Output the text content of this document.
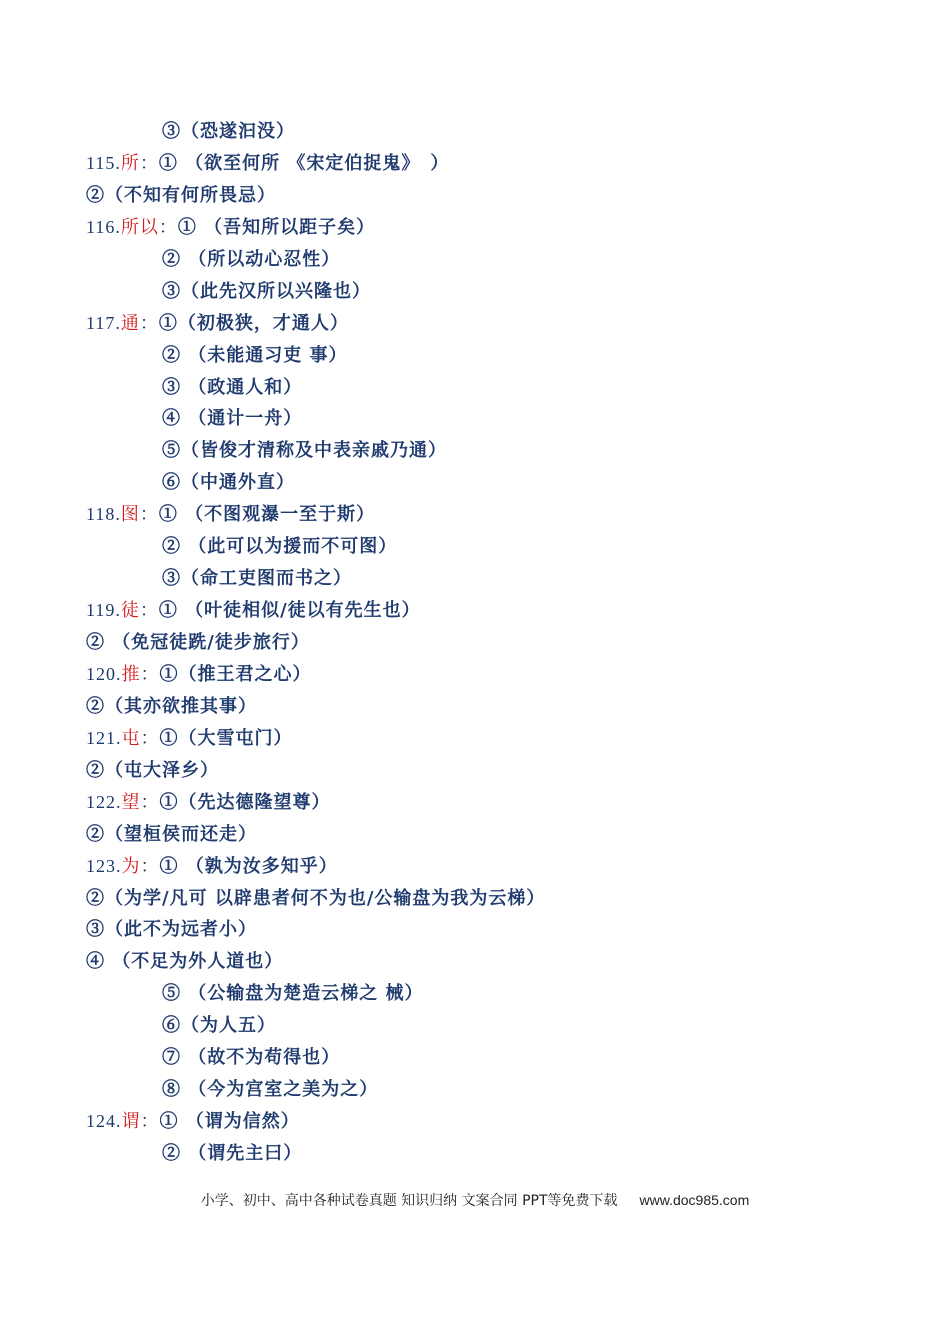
③（恐遂汩没）
115.所：① （欲至何所 《宋定伯捉鬼》　）
②（不知有何所畏忌）
116.所以：① （吾知所以距子矣）
② （所以动心忍性）
③（此先汉所以兴隆也）
117.通：①（初极狭，才通人）
② （未能通习吏 事）
③ （政通人和）
④ （通计一舟）
⑤（皆俊才清称及中表亲戚乃通）
⑥（中通外直）
118.图：① （不图观瀑一至于斯）
② （此可以为援而不可图）
③（命工吏图而书之）
119.徒：① （叶徒相似/徒以有先生也）
② （免冠徒跣/徒步旅行）
120.推：①（推王君之心）
②（其亦欲推其事）
121.屯：①（大雪屯门）
②（屯大泽乡）
122.望：①（先达德隆望尊）
②（望桓侯而还走）
123.为：① （孰为汝多知乎）
②（为学/凡可 以辟患者何不为也/公输盘为我为云梯）
③（此不为远者小）
④ （不足为外人道也）
⑤ （公输盘为楚造云梯之 械）
⑥（为人五）
⑦ （故不为苟得也）
⑧ （今为宫室之美为之）
124.谓：① （谓为信然）
② （谓先主曰）
小学、初中、高中各种试卷真题 知识归纳 文案合同 PPT等免费下载 www.doc985.com
